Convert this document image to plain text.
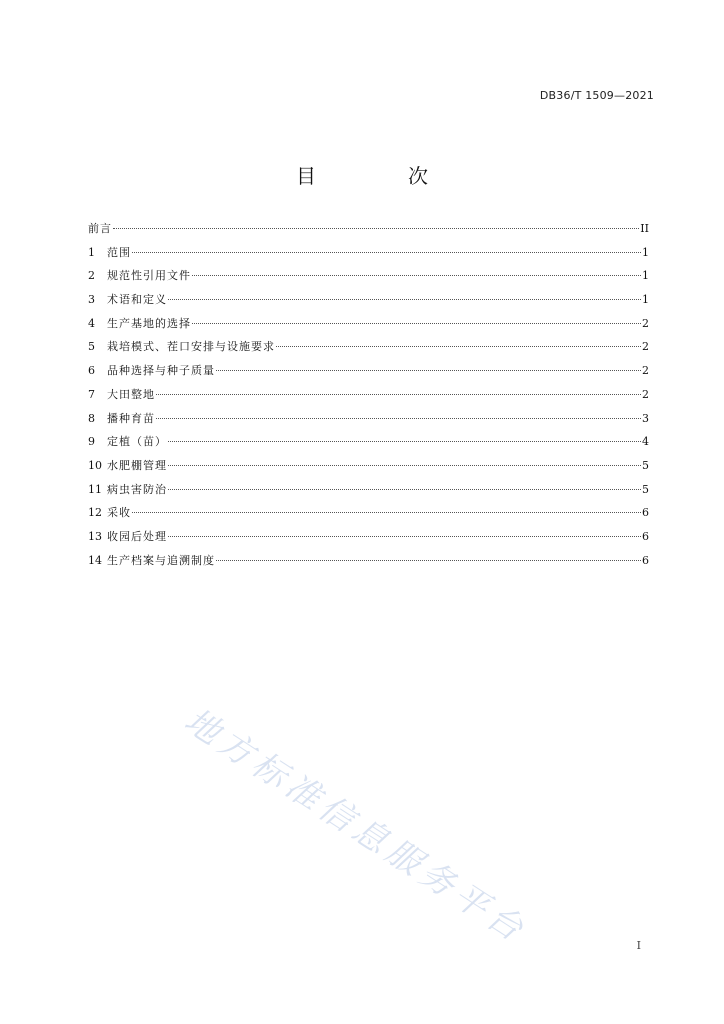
DB36/T 1509—2021
目　次
前言	II
1	范围	1
2	规范性引用文件	1
3	术语和定义	1
4	生产基地的选择	2
5	栽培模式、茬口安排与设施要求	2
6	品种选择与种子质量	2
7	大田整地	2
8	播种育苗	3
9	定植（苗）	4
10 水肥棚管理	5
11 病虫害防治	5
12 采收	6
13 收园后处理	6
14 生产档案与追溯制度	6
地方标准信息服务平台	I
